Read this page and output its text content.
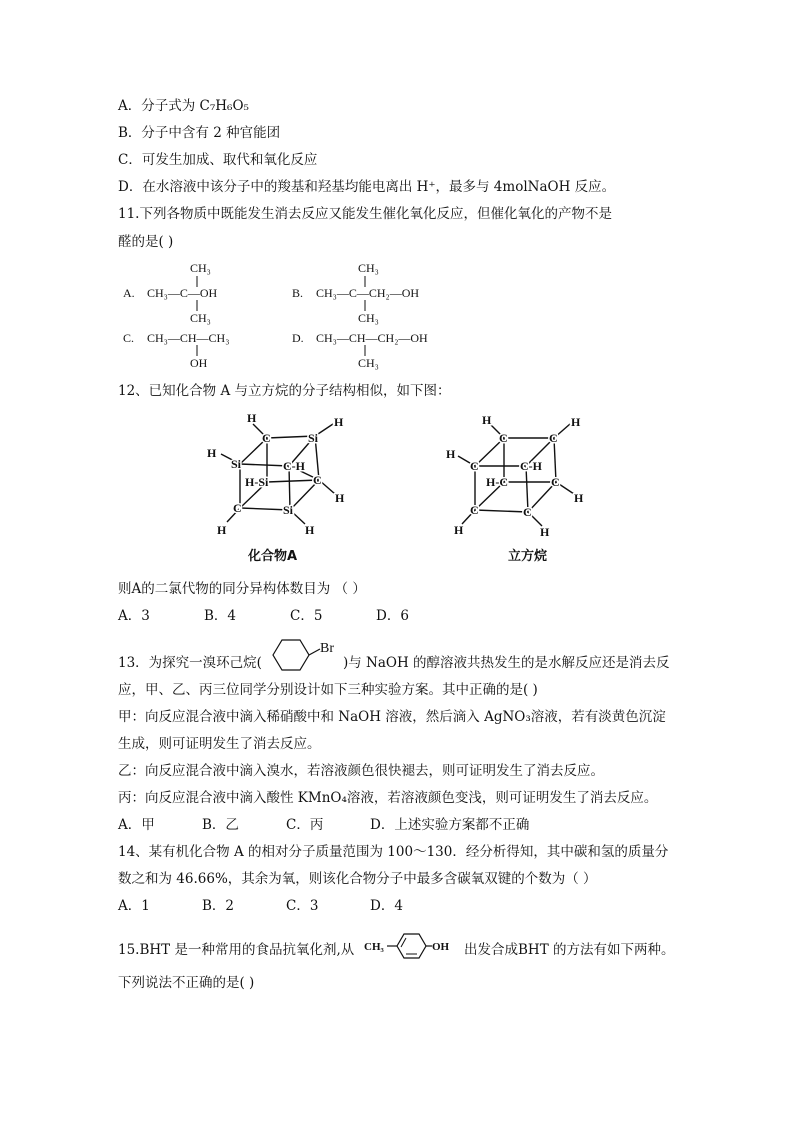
A．分子式为 C₇H₆O₅
B．分子中含有 2 种官能团
C．可发生加成、取代和氧化反应
D．在水溶液中该分子中的羧基和羟基均能电离出 H⁺，最多与 4molNaOH 反应。
11.下列各物质中既能发生消去反应又能发生催化氧化反应，但催化氧化的产物不是
醛的是( )
CH₃
A. CH₃—C—OH
CH₃
CH₃
B. CH₃—C—CH₂—OH
CH₃
C. CH₃—CH—CH₃
OH
D. CH₃—CH—CH₂—OH
CH₃
12、已知化合物 A 与立方烷的分子结构相似，如下图：
H
C	Si
H
H
Si	C-H
H-Si	C
H
C	Si
H	H
化合物A
H
C	C
H
H
C	C-H
H-C	C
H
C	C
H	H
立方烷
则A的二氯代物的同分异构体数目为 （ ）
A．3	B．4	C．5	D．6
13．为探究一溴环己烷(
Br
)与 NaOH 的醇溶液共热发生的是水解反应还是消去反
应，甲、乙、丙三位同学分别设计如下三种实验方案。其中正确的是( )
甲：向反应混合液中滴入稀硝酸中和 NaOH 溶液，然后滴入 AgNO₃溶液，若有淡黄色沉淀
生成，则可证明发生了消去反应。
乙：向反应混合液中滴入溴水，若溶液颜色很快褪去，则可证明发生了消去反应。
丙：向反应混合液中滴入酸性 KMnO₄溶液，若溶液颜色变浅，则可证明发生了消去反应。
A．甲	B．乙	C．丙	D．上述实验方案都不正确
14、某有机化合物 A 的相对分子质量范围为 100～130．经分析得知，其中碳和氢的质量分
数之和为 46.66%，其余为氧，则该化合物分子中最多含碳氧双键的个数为（ ）
A．1	B．2	C．3	D．4
15.BHT 是一种常用的食品抗氧化剂,从 CH₃	OH 出发合成BHT 的方法有如下两种。
下列说法不正确的是( )
